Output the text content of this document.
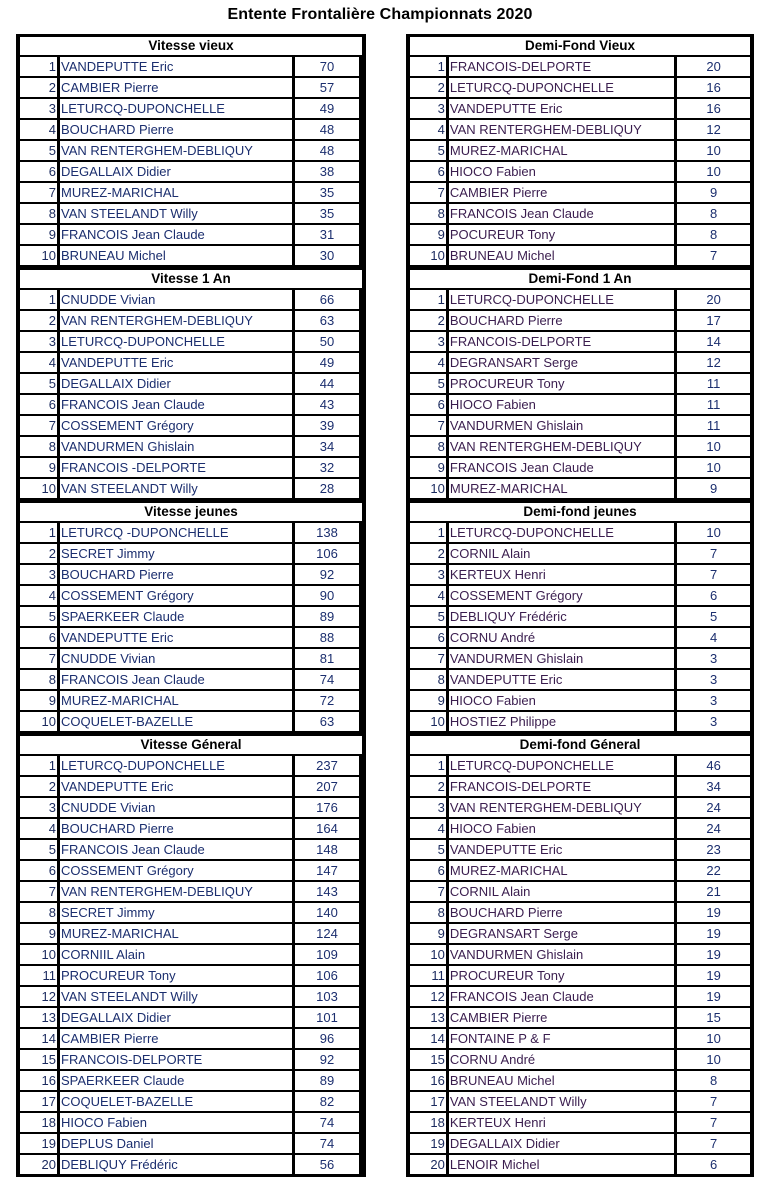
Entente Frontalière Championnats 2020
Vitesse vieux
1 VANDEPUTTE Eric	70
2 CAMBIER Pierre	57
3 LETURCQ-DUPONCHELLE	49
4 BOUCHARD Pierre	48
5 VAN RENTERGHEM-DEBLIQUY	48
6 DEGALLAIX Didier	38
7 MUREZ-MARICHAL	35
8 VAN STEELANDT Willy	35
9 FRANCOIS Jean Claude	31
10 BRUNEAU Michel	30
Vitesse 1 An
1 CNUDDE Vivian	66
2 VAN RENTERGHEM-DEBLIQUY	63
3 LETURCQ-DUPONCHELLE	50
4 VANDEPUTTE Eric	49
5 DEGALLAIX Didier	44
6 FRANCOIS Jean Claude	43
7 COSSEMENT Grégory	39
8 VANDURMEN Ghislain	34
9 FRANCOIS -DELPORTE	32
10 VAN STEELANDT Willy	28
Vitesse jeunes
1 LETURCQ -DUPONCHELLE	138
2 SECRET Jimmy	106
3 BOUCHARD Pierre	92
4 COSSEMENT Grégory	90
5 SPAERKEER Claude	89
6 VANDEPUTTE Eric	88
7 CNUDDE Vivian	81
8 FRANCOIS Jean Claude	74
9 MUREZ-MARICHAL	72
10 COQUELET-BAZELLE	63
Vitesse Géneral
1 LETURCQ-DUPONCHELLE	237
2 VANDEPUTTE Eric	207
3 CNUDDE Vivian	176
4 BOUCHARD Pierre	164
5 FRANCOIS Jean Claude	148
6 COSSEMENT Grégory	147
7 VAN RENTERGHEM-DEBLIQUY	143
8 SECRET Jimmy	140
9 MUREZ-MARICHAL	124
10 CORNIIL Alain	109
11 PROCUREUR Tony	106
12 VAN STEELANDT Willy	103
13 DEGALLAIX Didier	101
14 CAMBIER Pierre	96
15 FRANCOIS-DELPORTE	92
16 SPAERKEER Claude	89
17 COQUELET-BAZELLE	82
18 HIOCO Fabien	74
19 DEPLUS Daniel	74
20 DEBLIQUY Frédéric	56
Demi-Fond Vieux
1 FRANCOIS-DELPORTE	20
2 LETURCQ-DUPONCHELLE	16
3 VANDEPUTTE Eric	16
4 VAN RENTERGHEM-DEBLIQUY	12
5 MUREZ-MARICHAL	10
6 HIOCO Fabien	10
7 CAMBIER Pierre	9
8 FRANCOIS Jean Claude	8
9 POCUREUR Tony	8
10 BRUNEAU Michel	7
Demi-Fond 1 An
1 LETURCQ-DUPONCHELLE	20
2 BOUCHARD Pierre	17
3 FRANCOIS-DELPORTE	14
4 DEGRANSART Serge	12
5 PROCUREUR Tony	11
6 HIOCO Fabien	11
7 VANDURMEN Ghislain	11
8 VAN RENTERGHEM-DEBLIQUY	10
9 FRANCOIS Jean Claude	10
10 MUREZ-MARICHAL	9
Demi-fond jeunes
1 LETURCQ-DUPONCHELLE	10
2 CORNIL Alain	7
3 KERTEUX Henri	7
4 COSSEMENT Grégory	6
5 DEBLIQUY Frédéric	5
6 CORNU André	4
7 VANDURMEN Ghislain	3
8 VANDEPUTTE Eric	3
9 HIOCO Fabien	3
10 HOSTIEZ Philippe	3
Demi-fond Géneral
1 LETURCQ-DUPONCHELLE	46
2 FRANCOIS-DELPORTE	34
3 VAN RENTERGHEM-DEBLIQUY	24
4 HIOCO Fabien	24
5 VANDEPUTTE Eric	23
6 MUREZ-MARICHAL	22
7 CORNIL Alain	21
8 BOUCHARD Pierre	19
9 DEGRANSART Serge	19
10 VANDURMEN Ghislain	19
11 PROCUREUR Tony	19
12 FRANCOIS Jean Claude	19
13 CAMBIER Pierre	15
14 FONTAINE P & F	10
15 CORNU André	10
16 BRUNEAU Michel	8
17 VAN STEELANDT Willy	7
18 KERTEUX Henri	7
19 DEGALLAIX Didier	7
20 LENOIR Michel	6
